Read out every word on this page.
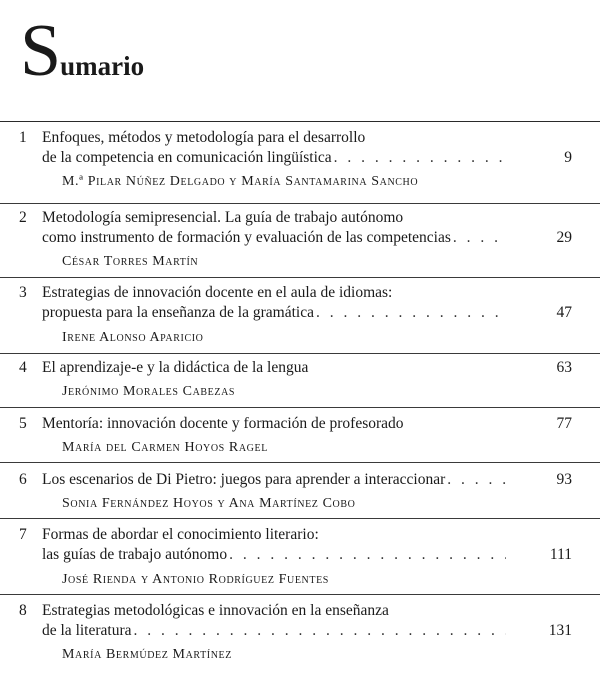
S umario
1 Enfoques, métodos y metodología para el desarrollo
de la competencia en comunicación lingüística . . .	9
M.ª Pilar Núñez Delgado y María Santamarina Sancho
2 Metodología semipresencial. La guía de trabajo autónomo
como instrumento de formación y evaluación de las competencias . . .	29
César Torres Martín
3 Estrategias de innovación docente en el aula de idiomas:
propuesta para la enseñanza de la gramática . . .	47
Irene Alonso Aparicio
4 El aprendizaje-e y la didáctica de la lengua	63
Jerónimo Morales Cabezas
5 Mentoría: innovación docente y formación de profesorado	77
María del Carmen Hoyos Ragel
6 Los escenarios de Di Pietro: juegos para aprender a interaccionar . . .	93
Sonia Fernández Hoyos y Ana Martínez Cobo
7 Formas de abordar el conocimiento literario:
las guías de trabajo autónomo . . .	111
José Rienda y Antonio Rodríguez Fuentes
8 Estrategias metodológicas e innovación en la enseñanza
de la literatura . . .	131
María Bermúdez Martínez
